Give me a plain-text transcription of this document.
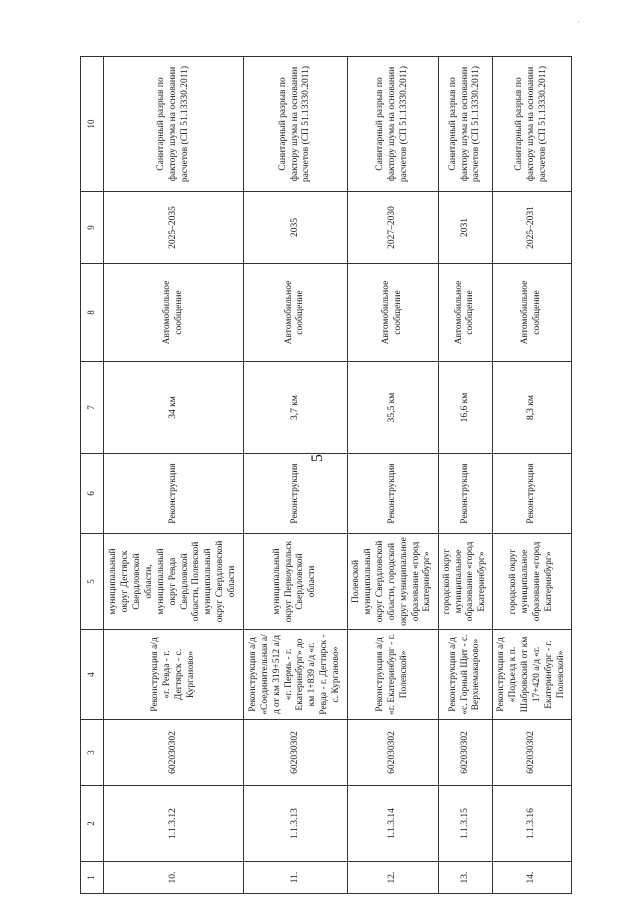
·
5
1	2	3	4	5	6	7	8	9	10
10.	1.1.3.12	602030302	Реконструкция а/д «г. Ревда - г. Дегтярск - с. Курганово»	муниципальный округ Дегтярск Свердловской области, муниципальный округ Ревда Свердловской области, Полевской муниципальный округ Свердловской области	Реконструкция	34 км	Автомобильное сообщение	2025–2035	Санитарный разрыв по фактору шума на основании расчетов (СП 51.13330.2011)
11.	1.1.3.13	602030302	Реконструкция а/д «Соединительная а/д от км 319+512 а/д «г. Пермь - г. Екатеринбург» до км 1+839 а/д «г. Ревда - г. Дегтярск - с. Курганово»	муниципальный округ Первоуральск Свердловской области	Реконструкция	3,7 км	Автомобильное сообщение	2035	Санитарный разрыв по фактору шума на основании расчетов (СП 51.13330.2011)
12.	1.1.3.14	602030302	Реконструкция а/д «г. Екатеринбург - г. Полевской»	Полевской муниципальный округ Свердловской области, городской округ муниципальное образование «город Екатеринбург»	Реконструкция	35,5 км	Автомобильное сообщение	2027–2030	Санитарный разрыв по фактору шума на основании расчетов (СП 51.13330.2011)
13.	1.1.3.15	602030302	Реконструкция а/д «с. Горный Щит - с. Верхнемакарово»	городской округ муниципальное образование «город Екатеринбург»	Реконструкция	16,6 км	Автомобильное сообщение	2031	Санитарный разрыв по фактору шума на основании расчетов (СП 51.13330.2011)
14.	1.1.3.16	602030302	Реконструкция а/д «Подъезд к п. Шабровский от км 17+420 а/д «г. Екатеринбург - г. Полевской»	городской округ муниципальное образование «город Екатеринбург»	Реконструкция	8,3 км	Автомобильное сообщение	2025–2031	Санитарный разрыв по фактору шума на основании расчетов (СП 51.13330.2011)
